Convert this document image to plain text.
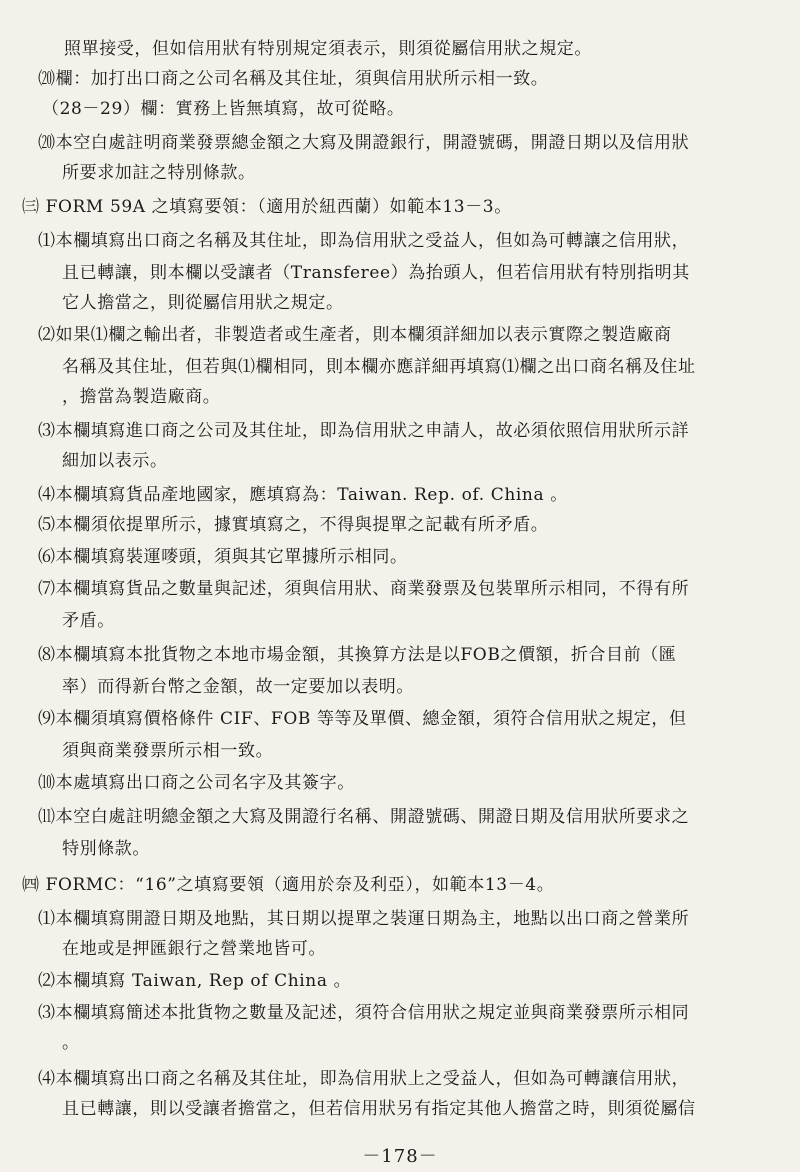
照單接受，但如信用狀有特別規定須表示，則須從屬信用狀之規定。
⒇欄：加打出口商之公司名稱及其住址，須與信用狀所示相一致。
（28－29）欄：實務上皆無填寫，故可從略。
⒇本空白處註明商業發票總金額之大寫及開證銀行，開證號碼，開證日期以及信用狀
所要求加註之特別條款。
㈢ FORM 59A 之填寫要領：（適用於紐西蘭）如範本13－3。
⑴本欄填寫出口商之名稱及其住址，即為信用狀之受益人，但如為可轉讓之信用狀，
且已轉讓，則本欄以受讓者（Transferee）為抬頭人，但若信用狀有特別指明其
它人擔當之，則從屬信用狀之規定。
⑵如果⑴欄之輸出者，非製造者或生產者，則本欄須詳細加以表示實際之製造廠商
名稱及其住址，但若與⑴欄相同，則本欄亦應詳細再填寫⑴欄之出口商名稱及住址
，擔當為製造廠商。
⑶本欄填寫進口商之公司及其住址，即為信用狀之申請人，故必須依照信用狀所示詳
細加以表示。
⑷本欄填寫貨品產地國家，應填寫為：Taiwan. Rep. of. China 。
⑸本欄須依提單所示，據實填寫之，不得與提單之記載有所矛盾。
⑹本欄填寫裝運嘜頭，須與其它單據所示相同。
⑺本欄填寫貨品之數量與記述，須與信用狀、商業發票及包裝單所示相同，不得有所
矛盾。
⑻本欄填寫本批貨物之本地市場金額，其換算方法是以FOB之價額，折合目前（匯
率）而得新台幣之金額，故一定要加以表明。
⑼本欄須填寫價格條件 CIF、FOB 等等及單價、總金額，須符合信用狀之規定，但
須與商業發票所示相一致。
⑽本處填寫出口商之公司名字及其簽字。
⑾本空白處註明總金額之大寫及開證行名稱、開證號碼、開證日期及信用狀所要求之
特別條款。
㈣ FORMC：“16”之填寫要領（適用於奈及利亞），如範本13－4。
⑴本欄填寫開證日期及地點，其日期以提單之裝運日期為主，地點以出口商之營業所
在地或是押匯銀行之營業地皆可。
⑵本欄填寫 Taiwan, Rep of China 。
⑶本欄填寫簡述本批貨物之數量及記述，須符合信用狀之規定並與商業發票所示相同
。
⑷本欄填寫出口商之名稱及其住址，即為信用狀上之受益人，但如為可轉讓信用狀，
且已轉讓，則以受讓者擔當之，但若信用狀另有指定其他人擔當之時，則須從屬信
－178－
